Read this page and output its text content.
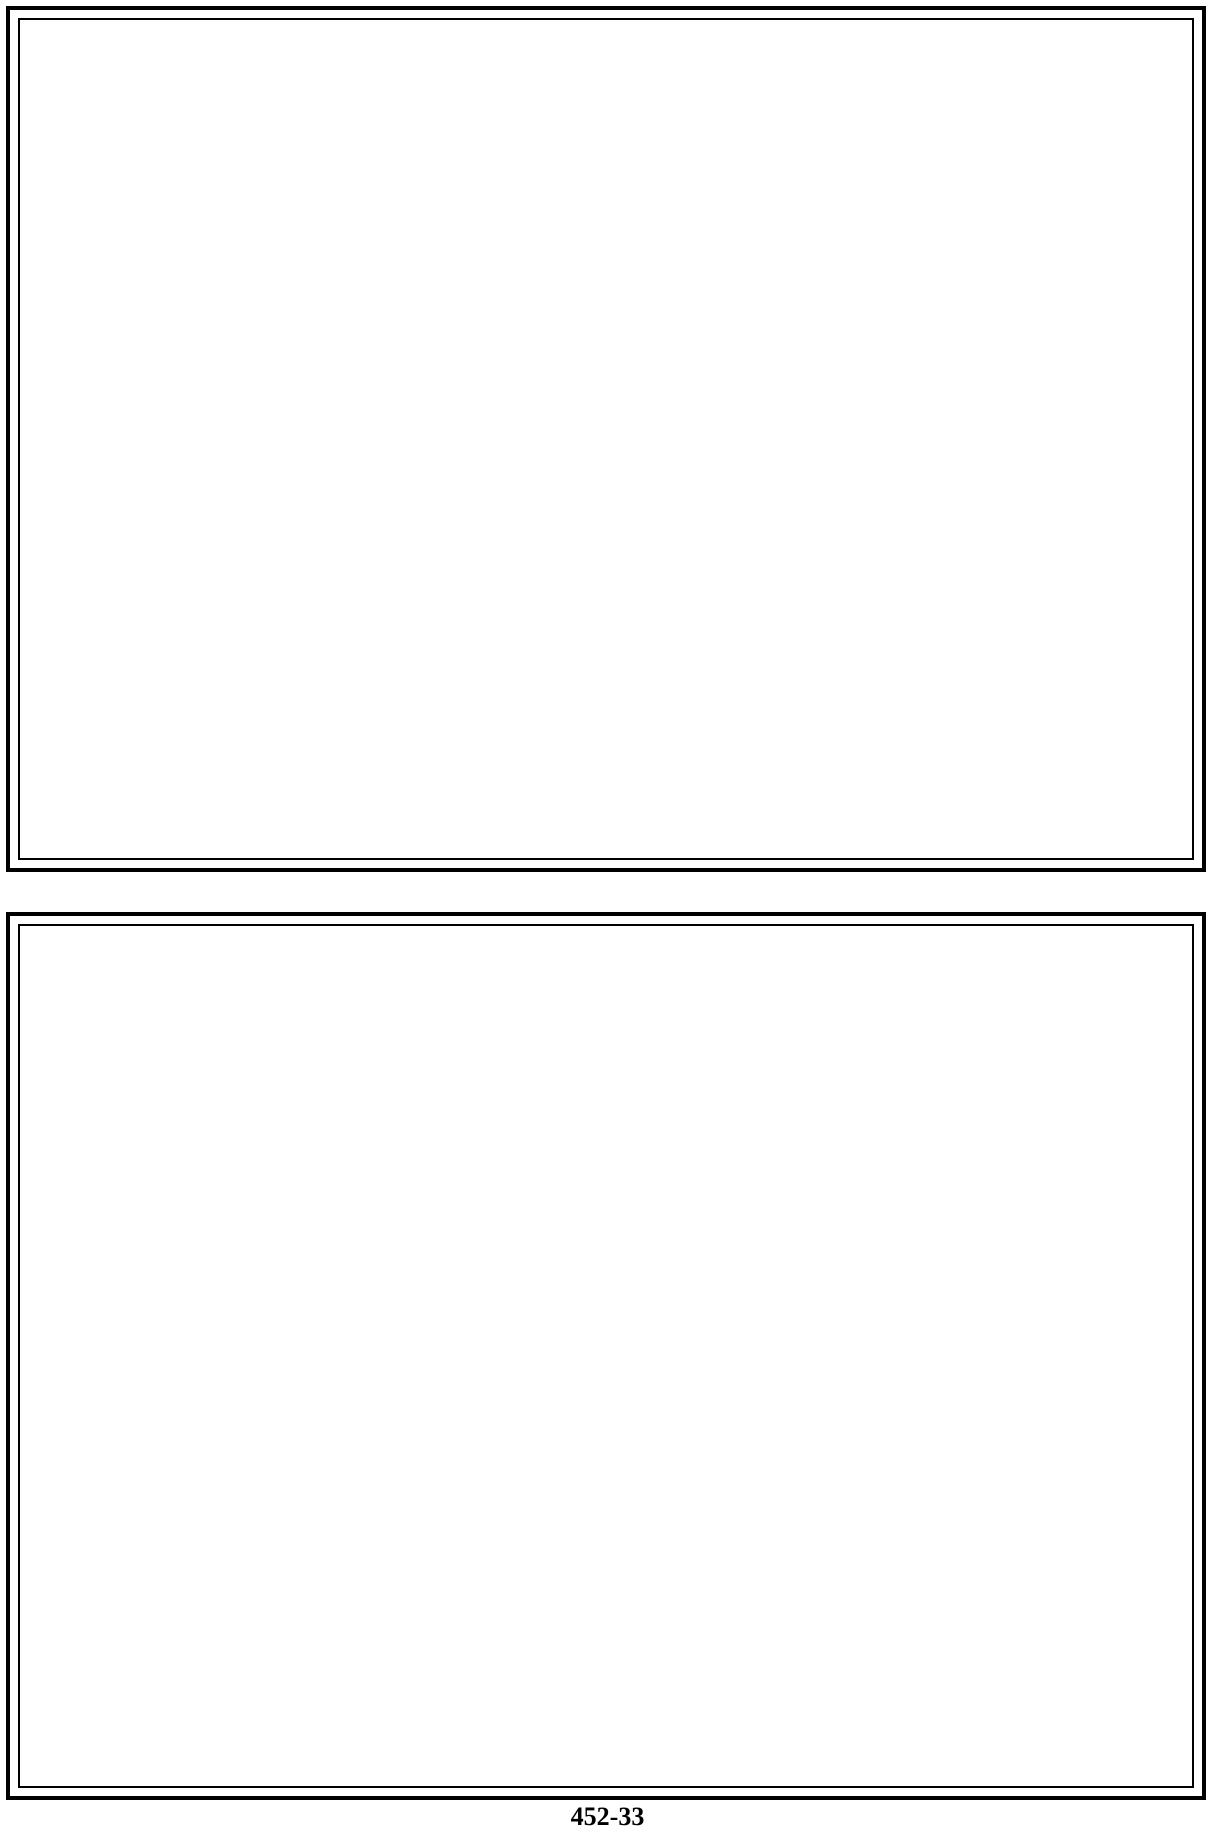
452-33
